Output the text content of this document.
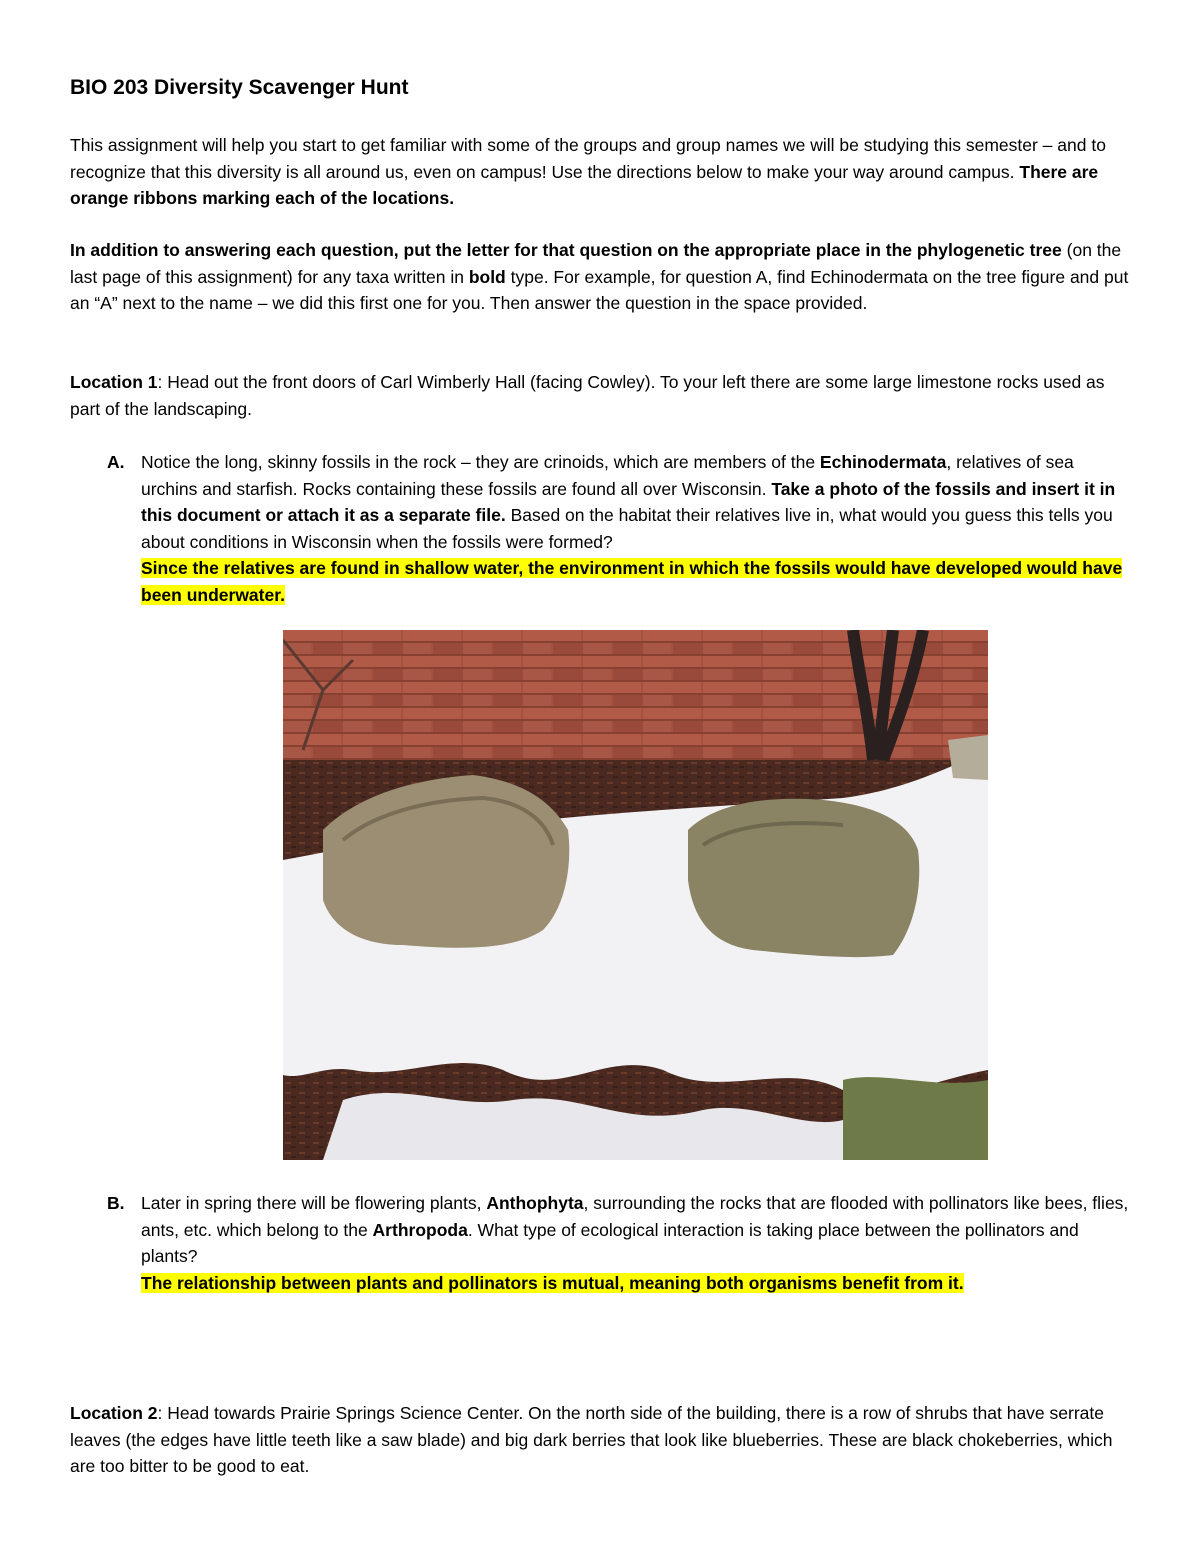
BIO 203 Diversity Scavenger Hunt
This assignment will help you start to get familiar with some of the groups and group names we will be studying this semester – and to recognize that this diversity is all around us, even on campus! Use the directions below to make your way around campus. There are orange ribbons marking each of the locations.
In addition to answering each question, put the letter for that question on the appropriate place in the phylogenetic tree (on the last page of this assignment) for any taxa written in bold type. For example, for question A, find Echinodermata on the tree figure and put an “A” next to the name – we did this first one for you. Then answer the question in the space provided.
Location 1: Head out the front doors of Carl Wimberly Hall (facing Cowley). To your left there are some large limestone rocks used as part of the landscaping.
A. Notice the long, skinny fossils in the rock – they are crinoids, which are members of the Echinodermata, relatives of sea urchins and starfish. Rocks containing these fossils are found all over Wisconsin. Take a photo of the fossils and insert it in this document or attach it as a separate file. Based on the habitat their relatives live in, what would you guess this tells you about conditions in Wisconsin when the fossils were formed?
Since the relatives are found in shallow water, the environment in which the fossils would have developed would have been underwater.
B. Later in spring there will be flowering plants, Anthophyta, surrounding the rocks that are flooded with pollinators like bees, flies, ants, etc. which belong to the Arthropoda. What type of ecological interaction is taking place between the pollinators and plants?
The relationship between plants and pollinators is mutual, meaning both organisms benefit from it.
Location 2: Head towards Prairie Springs Science Center. On the north side of the building, there is a row of shrubs that have serrate leaves (the edges have little teeth like a saw blade) and big dark berries that look like blueberries. These are black chokeberries, which are too bitter to be good to eat.
